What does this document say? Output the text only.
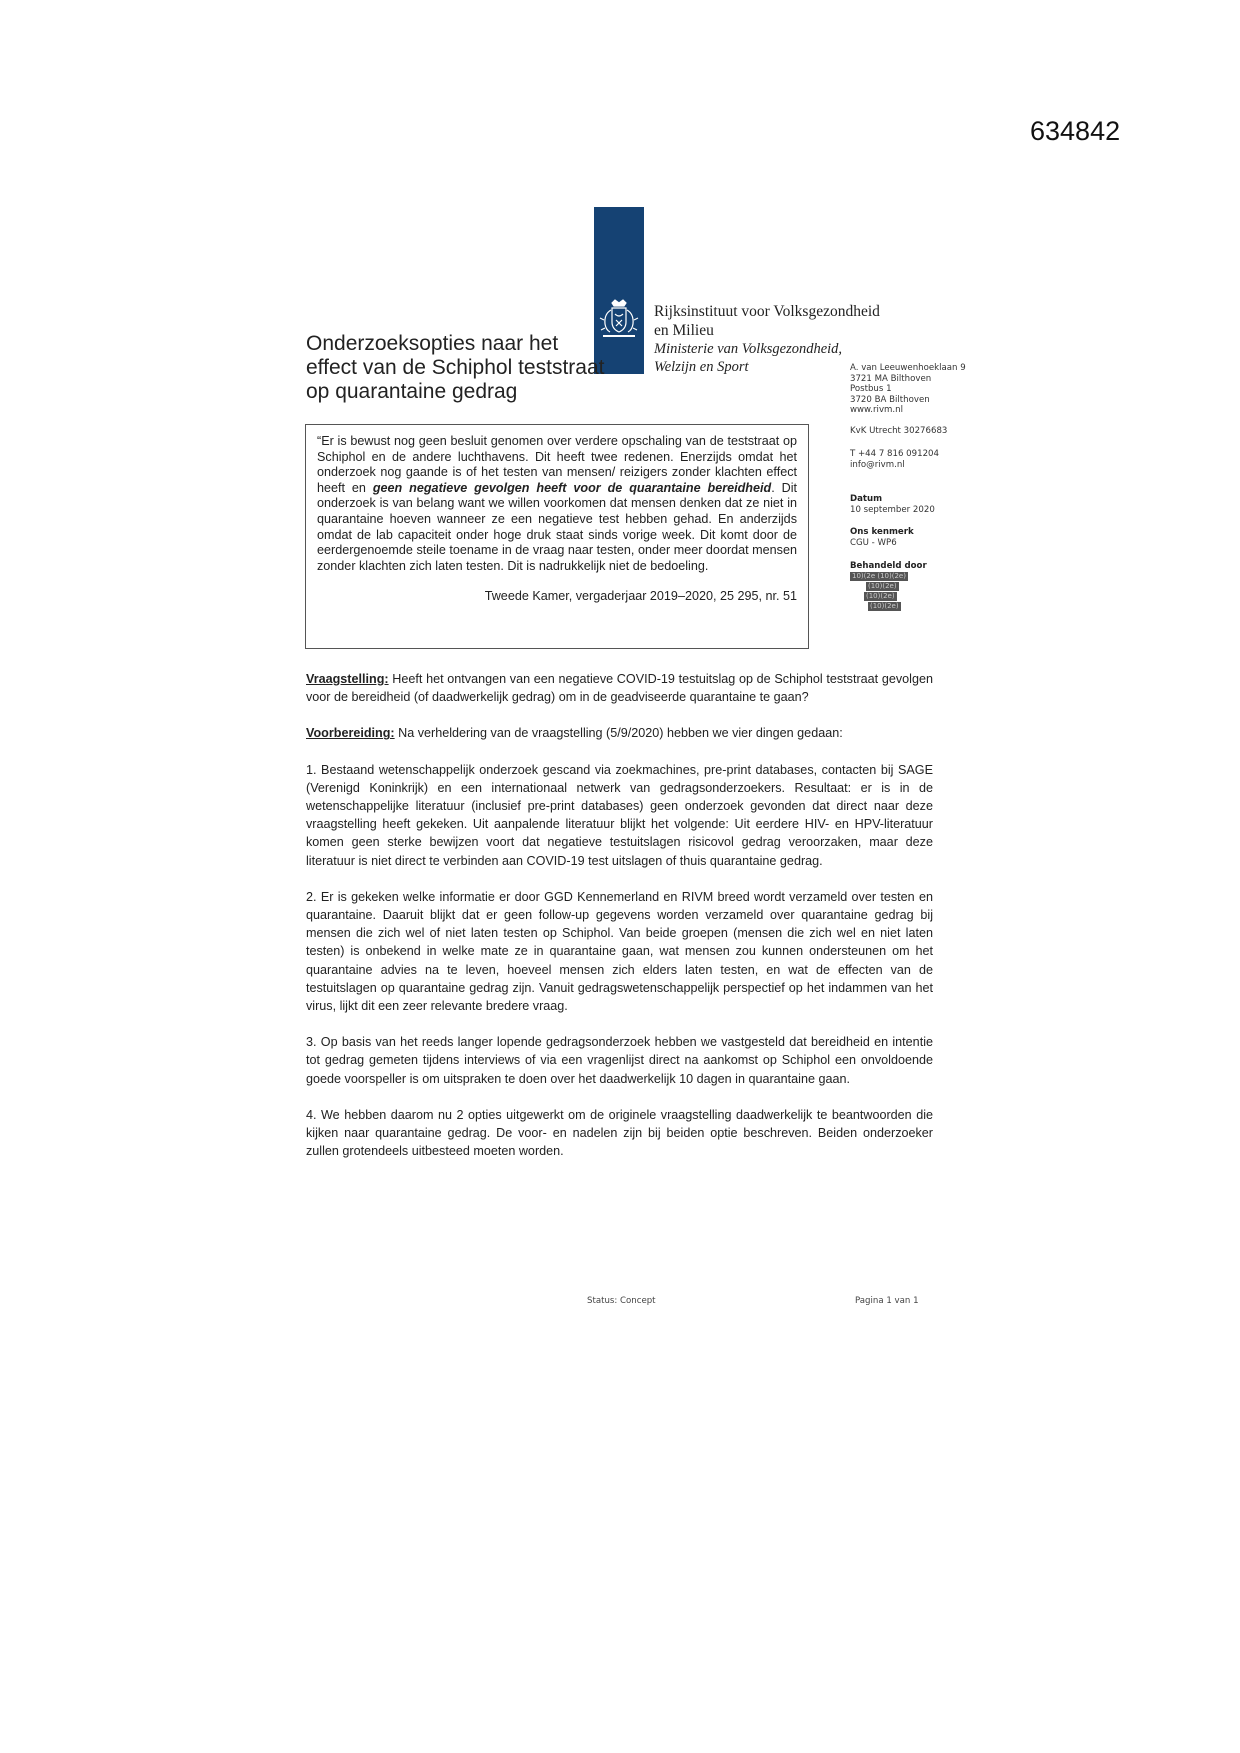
634842
Rijksinstituut voor Volksgezondheid
en Milieu
Ministerie van Volksgezondheid,
Welzijn en Sport
Onderzoeksopties naar het
effect van de Schiphol teststraat
op quarantaine gedrag
“Er is bewust nog geen besluit genomen over verdere opschaling van de teststraat op Schiphol en de andere luchthavens. Dit heeft twee redenen. Enerzijds omdat het onderzoek nog gaande is of het testen van mensen/ reizigers zonder klachten effect heeft en geen negatieve gevolgen heeft voor de quarantaine bereidheid. Dit onderzoek is van belang want we willen voorkomen dat mensen denken dat ze niet in quarantaine hoeven wanneer ze een negatieve test hebben gehad. En anderzijds omdat de lab capaciteit onder hoge druk staat sinds vorige week. Dit komt door de eerdergenoemde steile toename in de vraag naar testen, onder meer doordat mensen zonder klachten zich laten testen. Dit is nadrukkelijk niet de bedoeling.
Tweede Kamer, vergaderjaar 2019–2020, 25 295, nr. 51
A. van Leeuwenhoeklaan 9
3721 MA Bilthoven
Postbus 1
3720 BA Bilthoven
www.rivm.nl
KvK Utrecht 30276683
T +44 7 816 091204
info@rivm.nl
Datum
10 september 2020
Ons kenmerk
CGU - WP6
Behandeld door
10)(2e (10)(2e)
(10)(2e)
(10)(2e)
(10)(2e)

Vraagstelling: Heeft het ontvangen van een negatieve COVID-19 testuitslag op de Schiphol teststraat gevolgen voor de bereidheid (of daadwerkelijk gedrag) om in de geadviseerde quarantaine te gaan?

Voorbereiding: Na verheldering van de vraagstelling (5/9/2020) hebben we vier dingen gedaan:

1. Bestaand wetenschappelijk onderzoek gescand via zoekmachines, pre-print databases, contacten bij SAGE (Verenigd Koninkrijk) en een internationaal netwerk van gedragsonderzoekers. Resultaat: er is in de wetenschappelijke literatuur (inclusief pre-print databases) geen onderzoek gevonden dat direct naar deze vraagstelling heeft gekeken. Uit aanpalende literatuur blijkt het volgende: Uit eerdere HIV- en HPV-literatuur komen geen sterke bewijzen voort dat negatieve testuitslagen risicovol gedrag veroorzaken, maar deze literatuur is niet direct te verbinden aan COVID-19 test uitslagen of thuis quarantaine gedrag.

2. Er is gekeken welke informatie er door GGD Kennemerland en RIVM breed wordt verzameld over testen en quarantaine. Daaruit blijkt dat er geen follow-up gegevens worden verzameld over quarantaine gedrag bij mensen die zich wel of niet laten testen op Schiphol. Van beide groepen (mensen die zich wel en niet laten testen) is onbekend in welke mate ze in quarantaine gaan, wat mensen zou kunnen ondersteunen om het quarantaine advies na te leven, hoeveel mensen zich elders laten testen, en wat de effecten van de testuitslagen op quarantaine gedrag zijn. Vanuit gedragswetenschappelijk perspectief op het indammen van het virus, lijkt dit een zeer relevante bredere vraag.

3. Op basis van het reeds langer lopende gedragsonderzoek hebben we vastgesteld dat bereidheid en intentie tot gedrag gemeten tijdens interviews of via een vragenlijst direct na aankomst op Schiphol een onvoldoende goede voorspeller is om uitspraken te doen over het daadwerkelijk 10 dagen in quarantaine gaan.

4. We hebben daarom nu 2 opties uitgewerkt om de originele vraagstelling daadwerkelijk te beantwoorden die kijken naar quarantaine gedrag. De voor- en nadelen zijn bij beiden optie beschreven. Beiden onderzoeker zullen grotendeels uitbesteed moeten worden.

Status: Concept	Pagina 1 van 1
